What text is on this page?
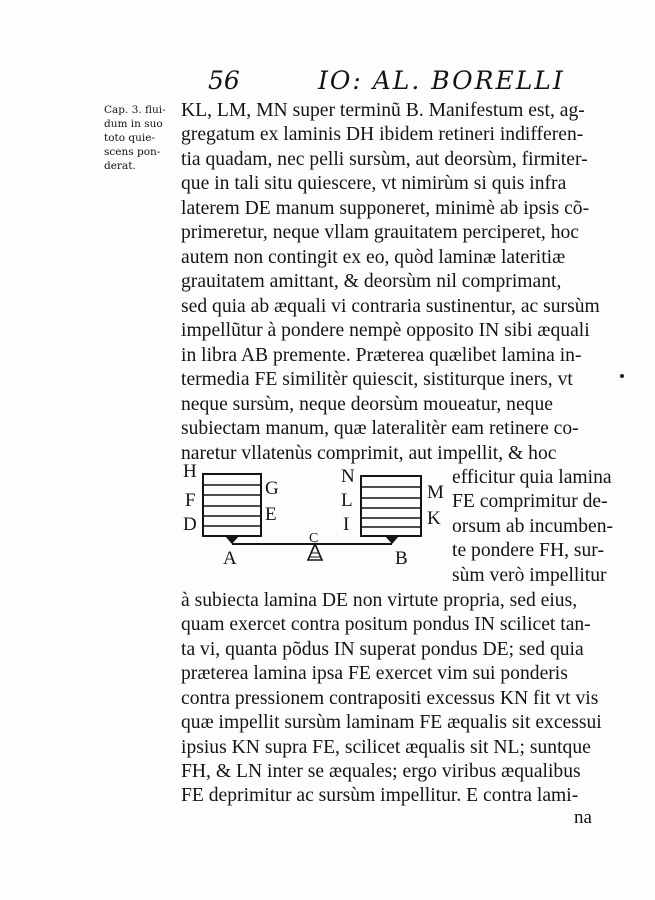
56	IO: AL. BORELLI
Cap. 3. flui-
dum in suo
toto quie-
scens pon-
derat.
KL, LM, MN super terminũ B. Manifestum est, ag-
gregatum ex laminis DH ibidem retineri indifferen-
tia quadam, nec pelli sursùm, aut deorsùm, firmiter-
que in tali situ quiescere, vt nimirùm si quis infra
laterem DE manum supponeret, minimè ab ipsis cõ-
primeretur, neque vllam grauitatem perciperet, hoc
autem non contingit ex eo, quòd laminæ lateritiæ
grauitatem amittant, & deorsùm nil comprimant,
sed quia ab æquali vi contraria sustinentur, ac sursùm
impellũtur à pondere nempè opposito IN sibi æquali
in libra AB premente. Præterea quælibet lamina in-
termedia FE similitèr quiescit, sistiturque iners, vt
neque sursùm, neque deorsùm moueatur, neque
subiectam manum, quæ lateralitèr eam retinere co-
naretur vllatenùs comprimit, aut impellit, & hoc
H
F
D
G
E
N
L
I
M
K
A	B
C
efficitur quia lamina
FE comprimitur de-
orsum ab incumben-
te pondere FH, sur-
sùm verò impellitur
à subiecta lamina DE non virtute propria, sed eius,
quam exercet contra positum pondus IN scilicet tan-
ta vi, quanta põdus IN superat pondus DE; sed quia
præterea lamina ipsa FE exercet vim sui ponderis
contra pressionem contrapositi excessus KN fit vt vis
quæ impellit sursùm laminam FE æqualis sit excessui
ipsius KN supra FE, scilicet æqualis sit NL; suntque
FH, & LN inter se æquales; ergo viribus æqualibus
FE deprimitur ac sursùm impellitur. E contra lami-
na
